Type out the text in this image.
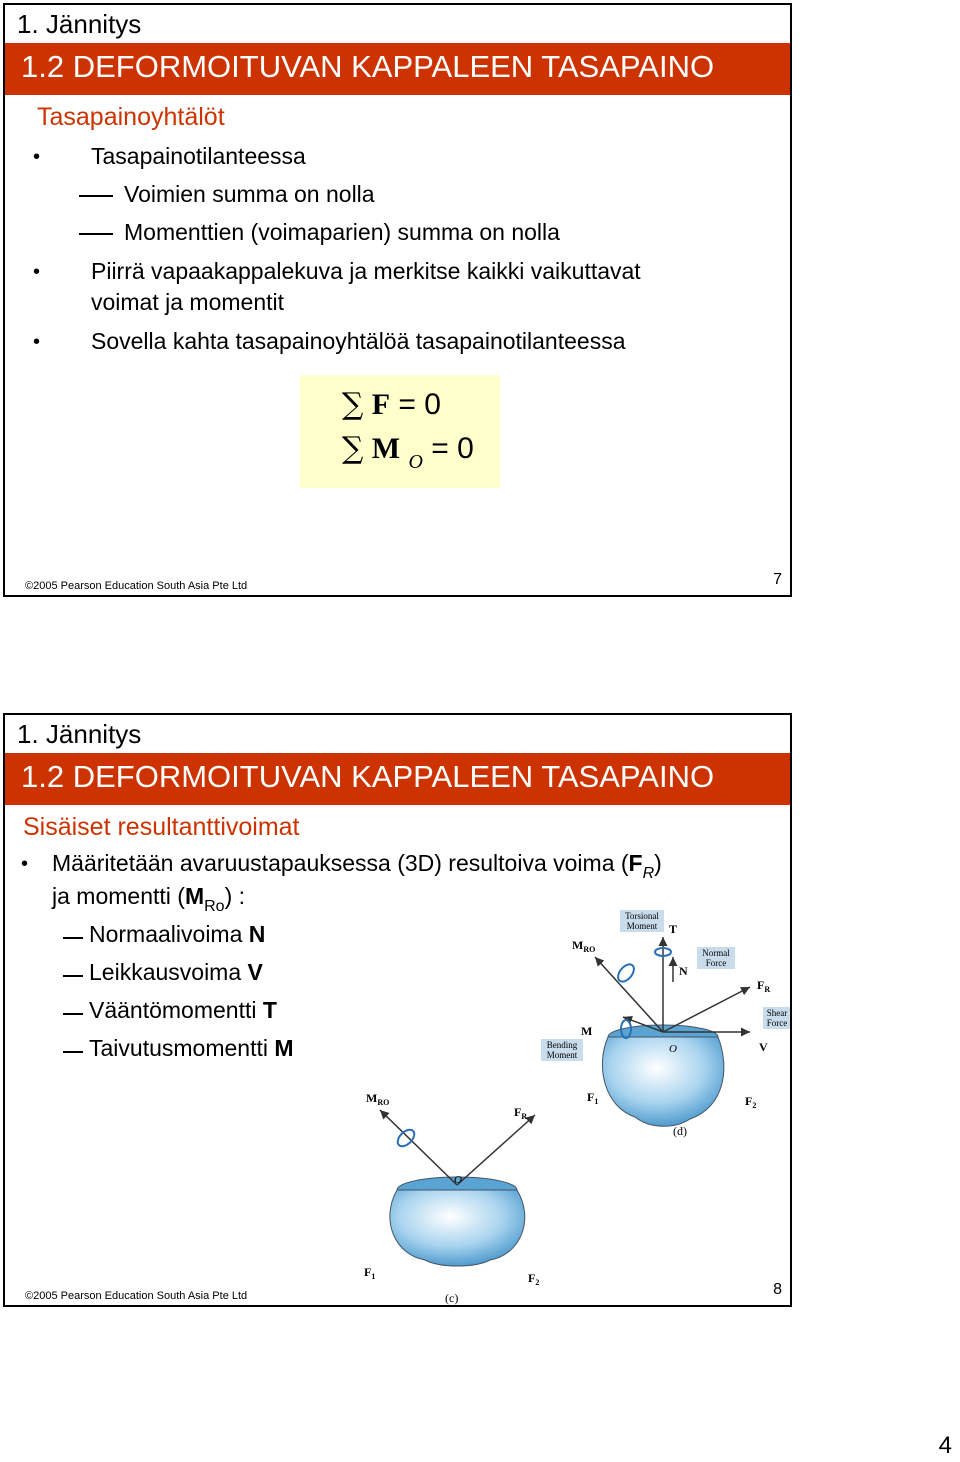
1. Jännitys
1.2 DEFORMOITUVAN KAPPALEEN TASAPAINO
Tasapainoyhtälöt
• Tasapainotilanteessa
Voimien summa on nolla
Momenttien (voimaparien) summa on nolla
• Piirrä vapaakappalekuva ja merkitse kaikki vaikuttavat
voimat ja momentit
• Sovella kahta tasapainoyhtälöä tasapainotilanteessa
∑ F = 0
∑ M $_O$ = 0
©2005 Pearson Education South Asia Pte Ltd	7
1. Jännitys
1.2 DEFORMOITUVAN KAPPALEEN TASAPAINO
Sisäiset resultanttivoimat
• Määritetään avaruustapauksessa (3D) resultoiva voima $(F_R)$
ja momentti $(M_{Ro})$ :
Normaalivoima N
Leikkausvoima V
Vääntömomentti T
Taivutusmomentti M
Torsional
Moment
Normal
Force
Shear
Force
Bending
Moment
T
N
$F_R$
V
M
$M_{RO}$
O
$F_1$	$F_2$
(d)
$M_{RO}$
$F_R$
O
$F_1$	$F_2$
(c)
©2005 Pearson Education South Asia Pte Ltd	8
4
